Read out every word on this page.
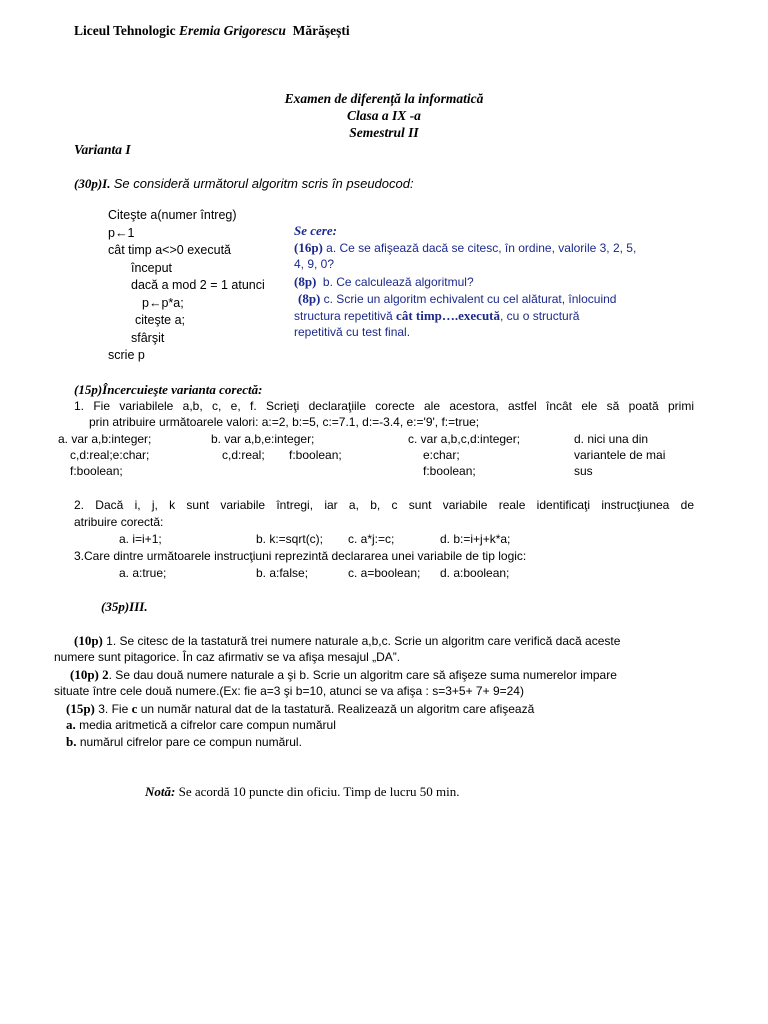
Liceul Tehnologic Eremia Grigorescu Mărășești
Examen de diferență la informatică
Clasa a IX -a
Semestrul II
Varianta I
(30p)I. Se consideră următorul algoritm scris în pseudocod:
Citeşte a(numer întreg)
p←1
cât timp a<>0 execută
început
dacă a mod 2 = 1 atunci
p←p*a;
citeşte a;
sfârşit
scrie p
Se cere:
(16p) a. Ce se afişează dacă se citesc, în ordine, valorile 3, 2, 5,
4, 9, 0?
(8p) b. Ce calculează algoritmul?
(8p) c. Scrie un algoritm echivalent cu cel alăturat, înlocuind
structura repetitivă cât timp….execută, cu o structură
repetitivă cu test final.
(15p)Încercuieşte varianta corectă:
1. Fie variabilele a,b, c, e, f. Scrieţi declaraţiile corecte ale acestora, astfel încât ele să poată primi
prin atribuire următoarele valori: a:=2, b:=5, c:=7.1, d:=-3.4, e:='9', f:=true;
a. var a,b:integer;
c,d:real;e:char;
f:boolean;
b. var a,b,e:integer;
c,d:real; f:boolean;
c. var a,b,c,d:integer;
e:char;
f:boolean;
d. nici una din
variantele de mai
sus
2. Dacă i, j, k sunt variabile întregi, iar a, b, c sunt variabile reale identificaţi instrucţiunea de
atribuire corectă:
a. i=i+1;	b. k:=sqrt(c); c. a*j:=c;	d. b:=i+j+k*a;
3.Care dintre următoarele instrucţiuni reprezintă declararea unei variabile de tip logic:
a. a:true;	b. a:false;	c. a=boolean; d. a:boolean;
(35p)III.
(10p) 1. Se citesc de la tastatură trei numere naturale a,b,c. Scrie un algoritm care verifică dacă aceste
numere sunt pitagorice. În caz afirmativ se va afişa mesajul „DA”.
(10p) 2. Se dau două numere naturale a şi b. Scrie un algoritm care să afişeze suma numerelor impare
situate între cele două numere.(Ex: fie a=3 şi b=10, atunci se va afişa : s=3+5+ 7+ 9=24)
(15p) 3. Fie c un număr natural dat de la tastatură. Realizează un algoritm care afişează
a. media aritmetică a cifrelor care compun numărul
b. numărul cifrelor pare ce compun numărul.
Notă: Se acordă 10 puncte din oficiu. Timp de lucru 50 min.
